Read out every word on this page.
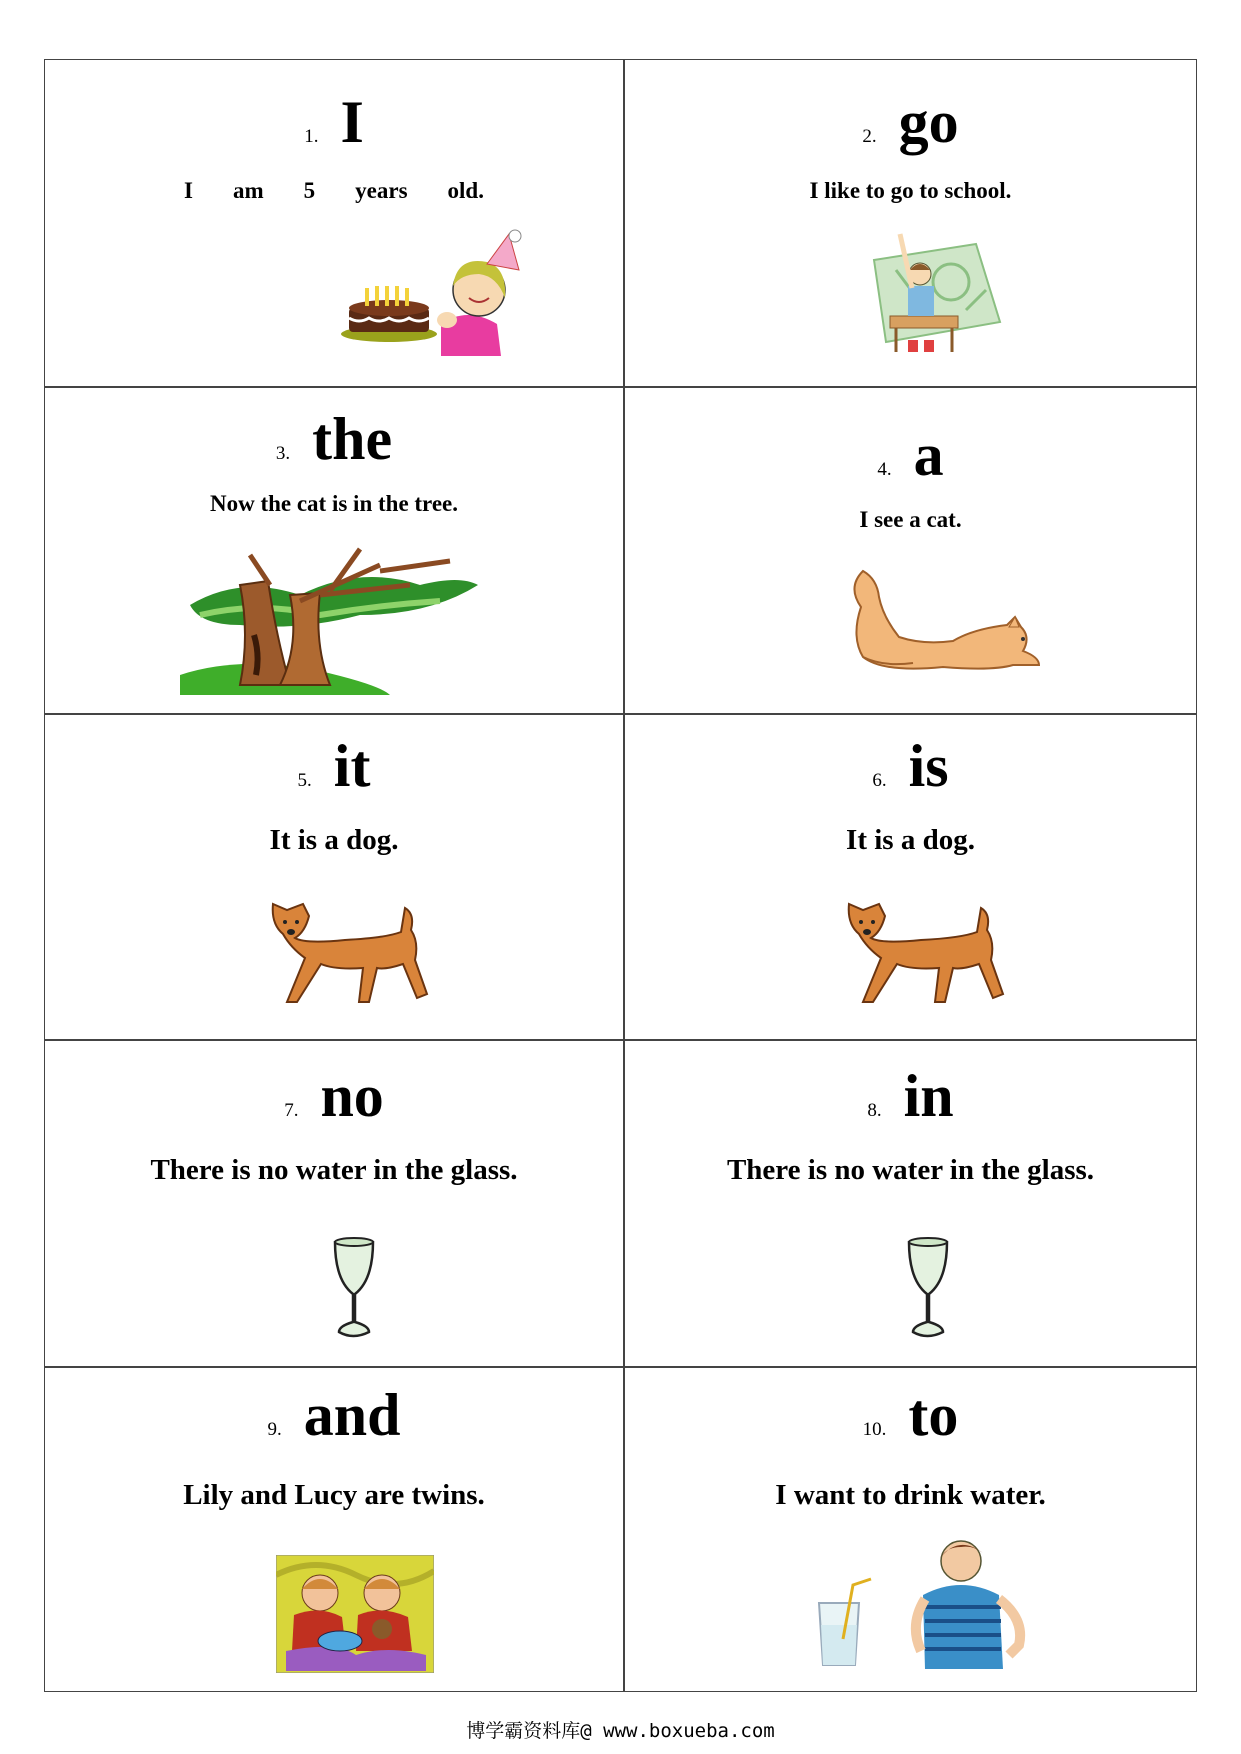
1. I
I am 5 years old.
2. go
I like to go to school.
3. the
Now the cat is in the tree.
4. a
I see a cat.
5. it
It is a dog.
6. is
It is a dog.
7. no
There is no water in the glass.
8. in
There is no water in the glass.
9. and
Lily and Lucy are twins.
10. to
I want to drink water.
博学霸资料库@ www.boxueba.com
